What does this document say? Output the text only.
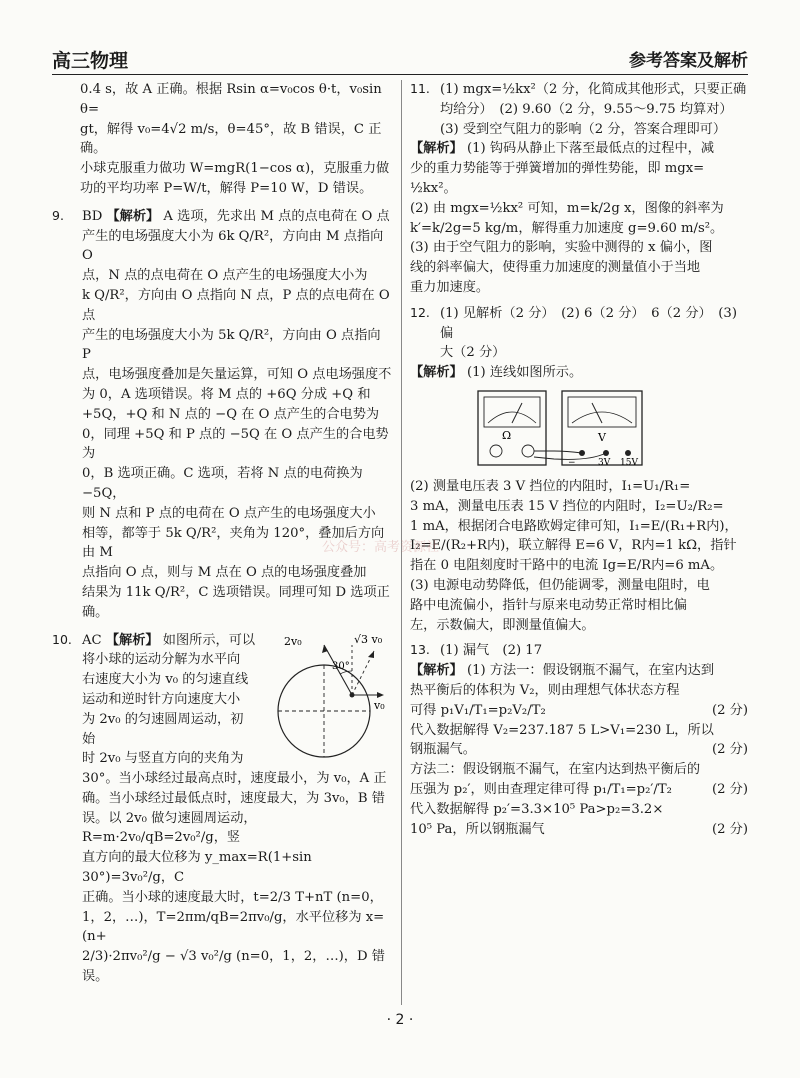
高三物理	参考答案及解析
0.4 s，故 A 正确。根据 Rsin α=v₀cos θ·t，v₀sin θ=
gt，解得 v₀=4√2 m/s，θ=45°，故 B 错误，C 正确。
小球克服重力做功 W=mgR(1−cos α)，克服重力做
功的平均功率 P=W/t，解得 P=10 W，D 错误。
9. BD 【解析】 A 选项，先求出 M 点的点电荷在 O 点
产生的电场强度大小为 6k Q/R²，方向由 M 点指向 O
点，N 点的点电荷在 O 点产生的电场强度大小为
k Q/R²，方向由 O 点指向 N 点，P 点的点电荷在 O 点
产生的电场强度大小为 5k Q/R²，方向由 O 点指向 P
点，电场强度叠加是矢量运算，可知 O 点电场强度不
为 0，A 选项错误。将 M 点的 +6Q 分成 +Q 和
+5Q，+Q 和 N 点的 −Q 在 O 点产生的合电势为
0，同理 +5Q 和 P 点的 −5Q 在 O 点产生的合电势为
0，B 选项正确。C 选项，若将 N 点的电荷换为 −5Q，
则 N 点和 P 点的电荷在 O 点产生的电场强度大小
相等，都等于 5k Q/R²，夹角为 120°，叠加后方向由 M
点指向 O 点，则与 M 点在 O 点的电场强度叠加
结果为 11k Q/R²，C 选项错误。同理可知 D 选项正确。
10.	2v₀	√3 v₀
30°
v₀
AC 【解析】 如图所示，可以
将小球的运动分解为水平向
右速度大小为 v₀ 的匀速直线
运动和逆时针方向速度大小
为 2v₀ 的匀速圆周运动，初始
时 2v₀ 与竖直方向的夹角为
30°。当小球经过最高点时，速度最小，为 v₀，A 正
确。当小球经过最低点时，速度最大，为 3v₀，B 错
误。以 2v₀ 做匀速圆周运动，R=m·2v₀/qB=2v₀²/g，竖
直方向的最大位移为 y_max=R(1+sin 30°)=3v₀²/g，C
正确。当小球的速度最大时，t=2/3 T+nT (n=0，
1，2，…)，T=2πm/qB=2πv₀/g，水平位移为 x=(n+
2/3)·2πv₀²/g − √3 v₀²/g (n=0，1，2，…)，D 错误。
11. (1) mgx=½kx²（2 分，化简成其他形式，只要正确
均给分）　(2) 9.60（2 分，9.55～9.75 均算对）
(3) 受到空气阻力的影响（2 分，答案合理即可）
【解析】 (1) 钩码从静止下落至最低点的过程中，减
少的重力势能等于弹簧增加的弹性势能，即 mgx=
½kx²。
(2) 由 mgx=½kx² 可知，m=k/2g x，图像的斜率为
k′=k/2g=5 kg/m，解得重力加速度 g=9.60 m/s²。
(3) 由于空气阻力的影响，实验中测得的 x 偏小，图
线的斜率偏大，使得重力加速度的测量值小于当地
重力加速度。
12. (1) 见解析（2 分）　(2) 6（2 分）　6（2 分）　(3) 偏
大（2 分）
【解析】 (1) 连线如图所示。
Ω	V
− 3V 15V
(2) 测量电压表 3 V 挡位的内阻时，I₁=U₁/R₁=
3 mA，测量电压表 15 V 挡位的内阻时，I₂=U₂/R₂=
1 mA，根据闭合电路欧姆定律可知，I₁=E/(R₁+R内)，
I₂=E/(R₂+R内)，联立解得 E=6 V，R内=1 kΩ，指针
指在 0 电阻刻度时干路中的电流 Ig=E/R内=6 mA。
(3) 电源电动势降低，但仍能调零，测量电阻时，电
路中电流偏小，指针与原来电动势正常时相比偏
左，示数偏大，即测量值偏大。
13. (1) 漏气　(2) 17
【解析】 (1) 方法一：假设钢瓶不漏气，在室内达到
热平衡后的体积为 V₂，则由理想气体状态方程
可得 p₁V₁/T₁=p₂V₂/T₂	(2 分)
代入数据解得 V₂=237.187 5 L>V₁=230 L，所以
钢瓶漏气。	(2 分)
方法二：假设钢瓶不漏气，在室内达到热平衡后的
压强为 p₂′，则由查理定律可得 p₁/T₁=p₂′/T₂	(2 分)
代入数据解得 p₂′=3.3×10⁵ Pa>p₂=3.2×
10⁵ Pa，所以钢瓶漏气	(2 分)
公众号：高考资源社
· 2 ·
